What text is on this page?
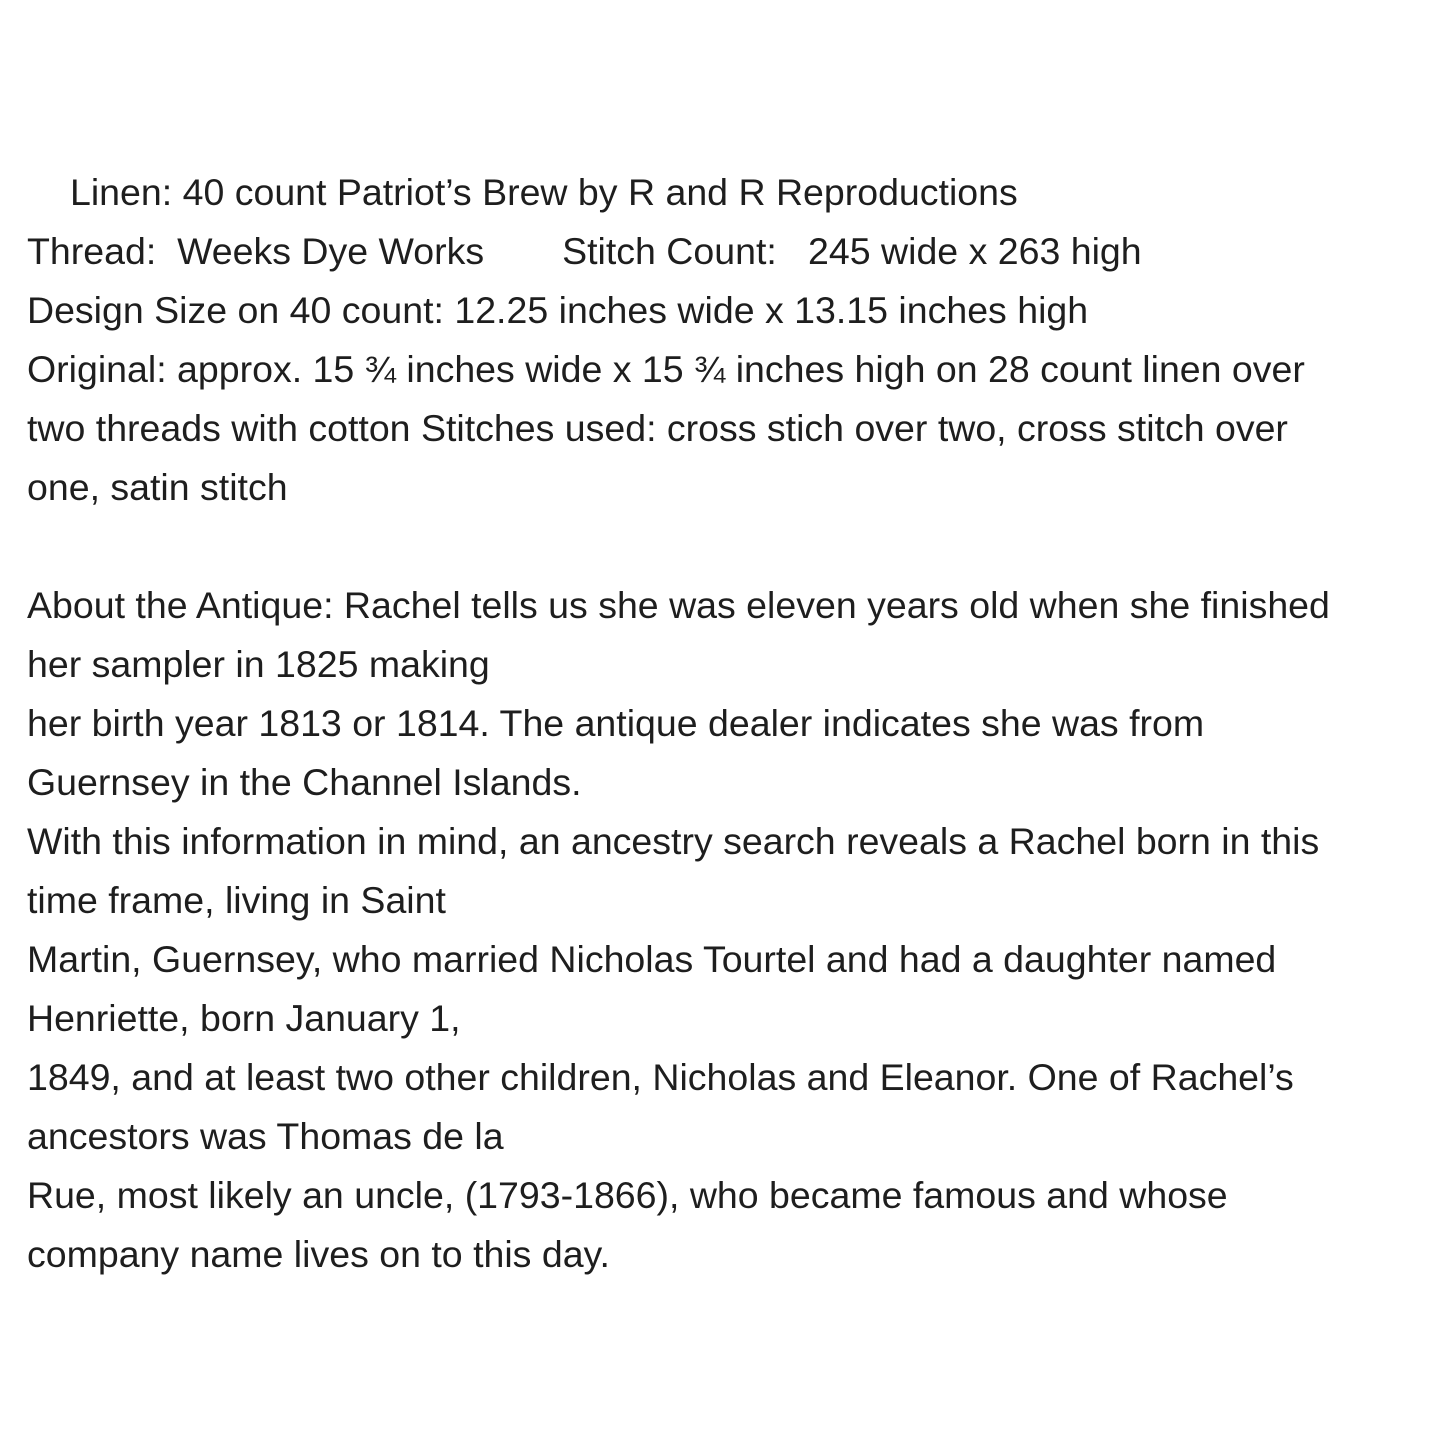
Linen: 40 count Patriot’s Brew by R and R Reproductions
Thread:  Weeks Dye Works Stitch Count:   245 wide x 263 high
Design Size on 40 count: 12.25 inches wide x 13.15 inches high
Original: approx. 15 ¾ inches wide x 15 ¾ inches high on 28 count linen over
two threads with cotton Stitches used: cross stich over two, cross stitch over
one, satin stitch
About the Antique: Rachel tells us she was eleven years old when she finished
her sampler in 1825 making
her birth year 1813 or 1814. The antique dealer indicates she was from
Guernsey in the Channel Islands.
With this information in mind, an ancestry search reveals a Rachel born in this
time frame, living in Saint
Martin, Guernsey, who married Nicholas Tourtel and had a daughter named
Henriette, born January 1,
1849, and at least two other children, Nicholas and Eleanor. One of Rachel’s
ancestors was Thomas de la
Rue, most likely an uncle, (1793-1866), who became famous and whose
company name lives on to this day.
